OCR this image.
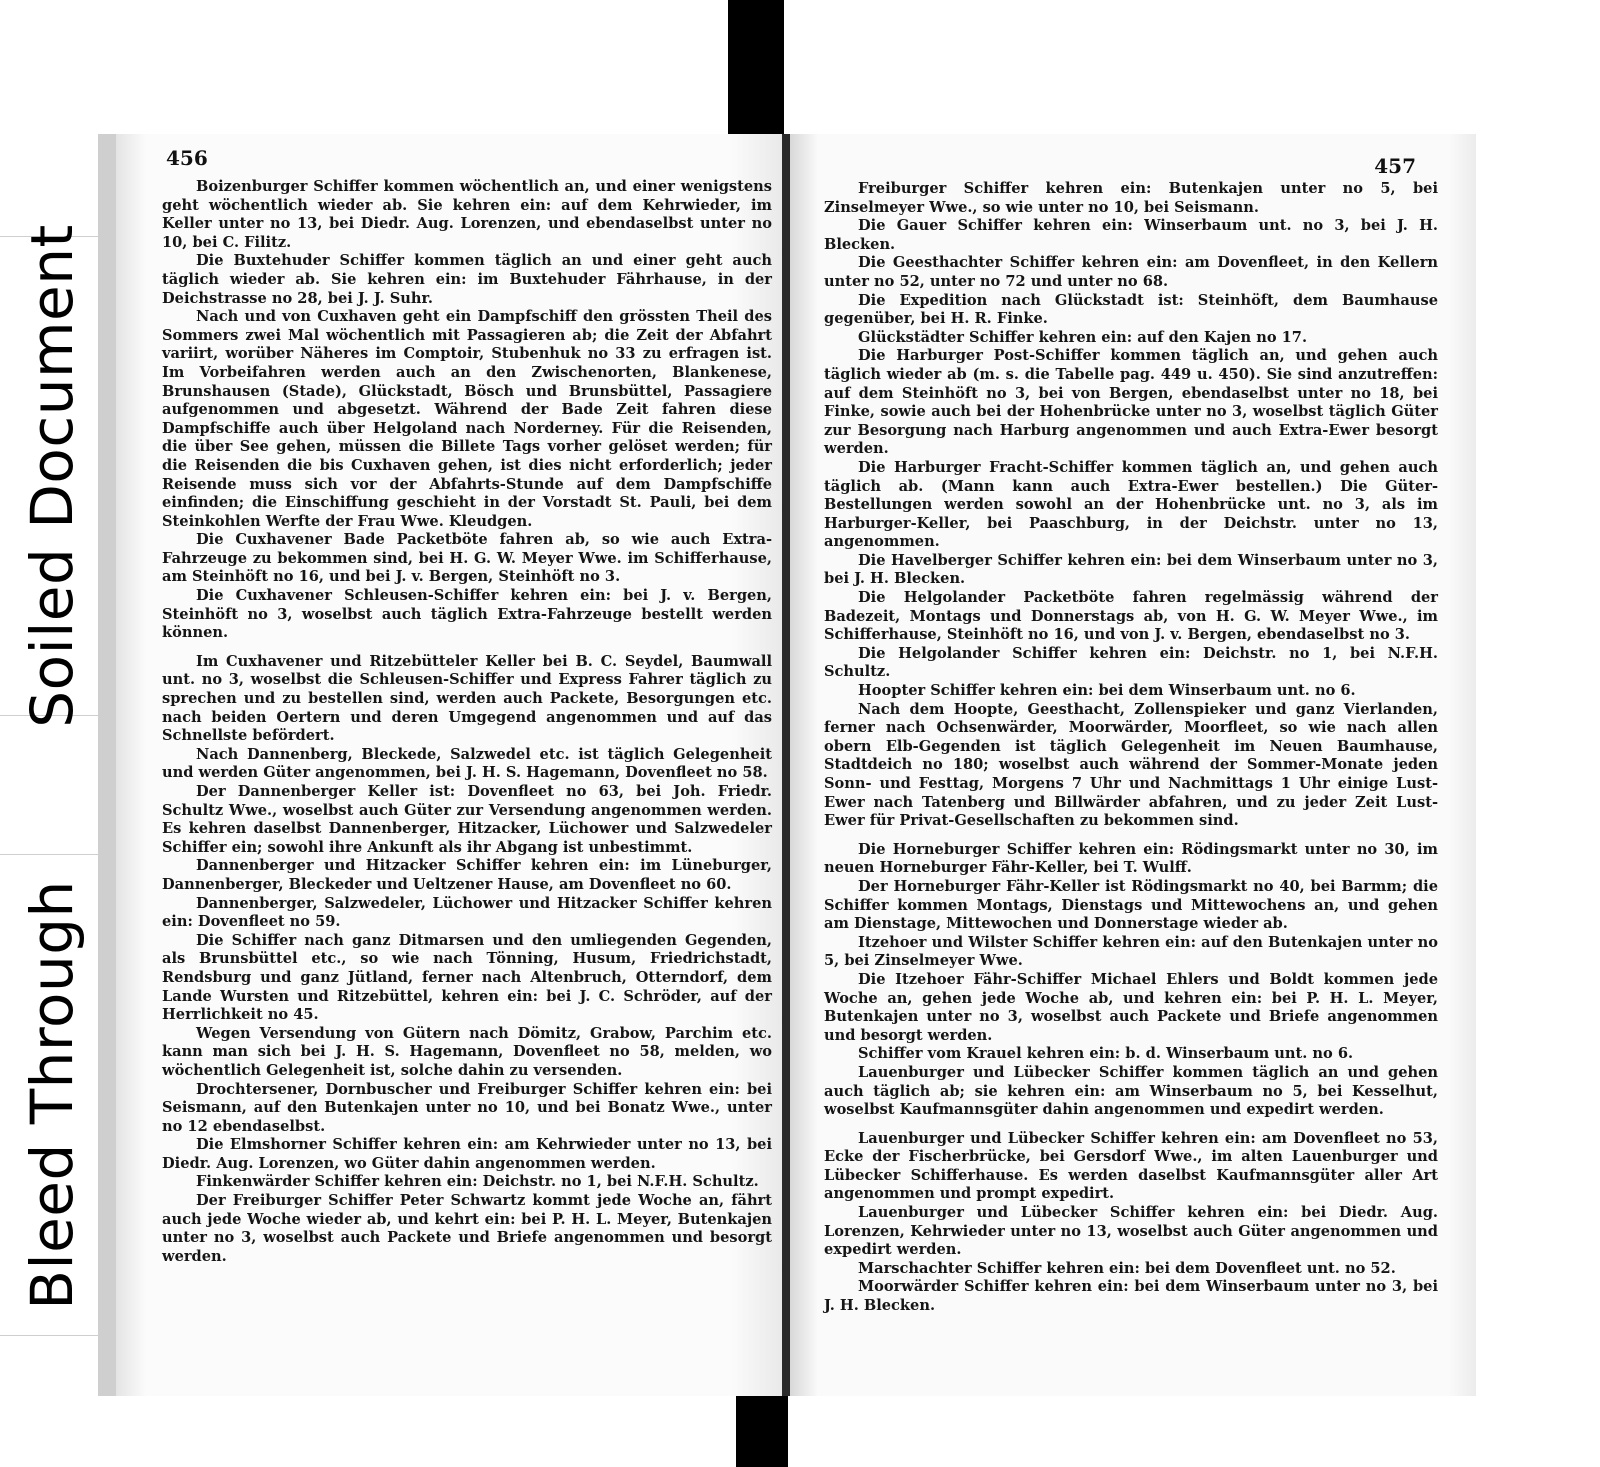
Soiled Document
Bleed Through
456

Boizenburger Schiffer kommen wöchentlich an, und einer wenigstens geht wöchentlich wieder ab. Sie kehren ein: auf dem Kehrwieder, im Keller unter no 13, bei Diedr. Aug. Lorenzen, und ebendaselbst unter no 10, bei C. Filitz.

Die Buxtehuder Schiffer kommen täglich an und einer geht auch täglich wieder ab. Sie kehren ein: im Buxtehuder Fährhause, in der Deichstrasse no 28, bei J. J. Suhr.

Nach und von Cuxhaven geht ein Dampfschiff den grössten Theil des Sommers zwei Mal wöchentlich mit Passagieren ab; die Zeit der Abfahrt variirt, worüber Näheres im Comptoir, Stubenhuk no 33 zu erfragen ist. Im Vorbeifahren werden auch an den Zwischenorten, Blankenese, Brunshausen (Stade), Glückstadt, Bösch und Brunsbüttel, Passagiere aufgenommen und abgesetzt. Während der Bade Zeit fahren diese Dampfschiffe auch über Helgoland nach Norderney. Für die Reisenden, die über See gehen, müssen die Billete Tags vorher gelöset werden; für die Reisenden die bis Cuxhaven gehen, ist dies nicht erforderlich; jeder Reisende muss sich vor der Abfahrts-Stunde auf dem Dampfschiffe einfinden; die Einschiffung geschieht in der Vorstadt St. Pauli, bei dem Steinkohlen Werfte der Frau Wwe. Kleudgen.

Die Cuxhavener Bade Packetböte fahren ab, so wie auch Extra-Fahrzeuge zu bekommen sind, bei H. G. W. Meyer Wwe. im Schifferhause, am Steinhöft no 16, und bei J. v. Bergen, Steinhöft no 3.

Die Cuxhavener Schleusen-Schiffer kehren ein: bei J. v. Bergen, Steinhöft no 3, woselbst auch täglich Extra-Fahrzeuge bestellt werden können.

Im Cuxhavener und Ritzebütteler Keller bei B. C. Seydel, Baumwall unt. no 3, woselbst die Schleusen-Schiffer und Express Fahrer täglich zu sprechen und zu bestellen sind, werden auch Packete, Besorgungen etc. nach beiden Oertern und deren Umgegend angenommen und auf das Schnellste befördert.

Nach Dannenberg, Bleckede, Salzwedel etc. ist täglich Gelegenheit und werden Güter angenommen, bei J. H. S. Hagemann, Dovenfleet no 58.

Der Dannenberger Keller ist: Dovenfleet no 63, bei Joh. Friedr. Schultz Wwe., woselbst auch Güter zur Versendung angenommen werden. Es kehren daselbst Dannenberger, Hitzacker, Lüchower und Salzwedeler Schiffer ein; sowohl ihre Ankunft als ihr Abgang ist unbestimmt.

Dannenberger und Hitzacker Schiffer kehren ein: im Lüneburger, Dannenberger, Bleckeder und Ueltzener Hause, am Dovenfleet no 60.

Dannenberger, Salzwedeler, Lüchower und Hitzacker Schiffer kehren ein: Dovenfleet no 59.

Die Schiffer nach ganz Ditmarsen und den umliegenden Gegenden, als Brunsbüttel etc., so wie nach Tönning, Husum, Friedrichstadt, Rendsburg und ganz Jütland, ferner nach Altenbruch, Otterndorf, dem Lande Wursten und Ritzebüttel, kehren ein: bei J. C. Schröder, auf der Herrlichkeit no 45.

Wegen Versendung von Gütern nach Dömitz, Grabow, Parchim etc. kann man sich bei J. H. S. Hagemann, Dovenfleet no 58, melden, wo wöchentlich Gelegenheit ist, solche dahin zu versenden.

Drochtersener, Dornbuscher und Freiburger Schiffer kehren ein: bei Seismann, auf den Butenkajen unter no 10, und bei Bonatz Wwe., unter no 12 ebendaselbst.

Die Elmshorner Schiffer kehren ein: am Kehrwieder unter no 13, bei Diedr. Aug. Lorenzen, wo Güter dahin angenommen werden.

Finkenwärder Schiffer kehren ein: Deichstr. no 1, bei N.F.H. Schultz.

Der Freiburger Schiffer Peter Schwartz kommt jede Woche an, fährt auch jede Woche wieder ab, und kehrt ein: bei P. H. L. Meyer, Butenkajen unter no 3, woselbst auch Packete und Briefe angenommen und besorgt werden.

457

Freiburger Schiffer kehren ein: Butenkajen unter no 5, bei Zinselmeyer Wwe., so wie unter no 10, bei Seismann.

Die Gauer Schiffer kehren ein: Winserbaum unt. no 3, bei J. H. Blecken.

Die Geesthachter Schiffer kehren ein: am Dovenfleet, in den Kellern unter no 52, unter no 72 und unter no 68.

Die Expedition nach Glückstadt ist: Steinhöft, dem Baumhause gegenüber, bei H. R. Finke.

Glückstädter Schiffer kehren ein: auf den Kajen no 17.

Die Harburger Post-Schiffer kommen täglich an, und gehen auch täglich wieder ab (m. s. die Tabelle pag. 449 u. 450). Sie sind anzutreffen: auf dem Steinhöft no 3, bei von Bergen, ebendaselbst unter no 18, bei Finke, sowie auch bei der Hohenbrücke unter no 3, woselbst täglich Güter zur Besorgung nach Harburg angenommen und auch Extra-Ewer besorgt werden.

Die Harburger Fracht-Schiffer kommen täglich an, und gehen auch täglich ab. (Mann kann auch Extra-Ewer bestellen.) Die Güter-Bestellungen werden sowohl an der Hohenbrücke unt. no 3, als im Harburger-Keller, bei Paaschburg, in der Deichstr. unter no 13, angenommen.

Die Havelberger Schiffer kehren ein: bei dem Winserbaum unter no 3, bei J. H. Blecken.

Die Helgolander Packetböte fahren regelmässig während der Badezeit, Montags und Donnerstags ab, von H. G. W. Meyer Wwe., im Schifferhause, Steinhöft no 16, und von J. v. Bergen, ebendaselbst no 3.

Die Helgolander Schiffer kehren ein: Deichstr. no 1, bei N.F.H. Schultz.

Hoopter Schiffer kehren ein: bei dem Winserbaum unt. no 6.

Nach dem Hoopte, Geesthacht, Zollenspieker und ganz Vierlanden, ferner nach Ochsenwärder, Moorwärder, Moorfleet, so wie nach allen obern Elb-Gegenden ist täglich Gelegenheit im Neuen Baumhause, Stadtdeich no 180; woselbst auch während der Sommer-Monate jeden Sonn- und Festtag, Morgens 7 Uhr und Nachmittags 1 Uhr einige Lust-Ewer nach Tatenberg und Billwärder abfahren, und zu jeder Zeit Lust-Ewer für Privat-Gesellschaften zu bekommen sind.

Die Horneburger Schiffer kehren ein: Rödingsmarkt unter no 30, im neuen Horneburger Fähr-Keller, bei T. Wulff.

Der Horneburger Fähr-Keller ist Rödingsmarkt no 40, bei Barmm; die Schiffer kommen Montags, Dienstags und Mittewochens an, und gehen am Dienstage, Mittewochen und Donnerstage wieder ab.

Itzehoer und Wilster Schiffer kehren ein: auf den Butenkajen unter no 5, bei Zinselmeyer Wwe.

Die Itzehoer Fähr-Schiffer Michael Ehlers und Boldt kommen jede Woche an, gehen jede Woche ab, und kehren ein: bei P. H. L. Meyer, Butenkajen unter no 3, woselbst auch Packete und Briefe angenommen und besorgt werden.

Schiffer vom Krauel kehren ein: b. d. Winserbaum unt. no 6.

Lauenburger und Lübecker Schiffer kommen täglich an und gehen auch täglich ab; sie kehren ein: am Winserbaum no 5, bei Kesselhut, woselbst Kaufmannsgüter dahin angenommen und expedirt werden.

Lauenburger und Lübecker Schiffer kehren ein: am Dovenfleet no 53, Ecke der Fischerbrücke, bei Gersdorf Wwe., im alten Lauenburger und Lübecker Schifferhause. Es werden daselbst Kaufmannsgüter aller Art angenommen und prompt expedirt.

Lauenburger und Lübecker Schiffer kehren ein: bei Diedr. Aug. Lorenzen, Kehrwieder unter no 13, woselbst auch Güter angenommen und expedirt werden.

Marschachter Schiffer kehren ein: bei dem Dovenfleet unt. no 52.

Moorwärder Schiffer kehren ein: bei dem Winserbaum unter no 3, bei J. H. Blecken.
